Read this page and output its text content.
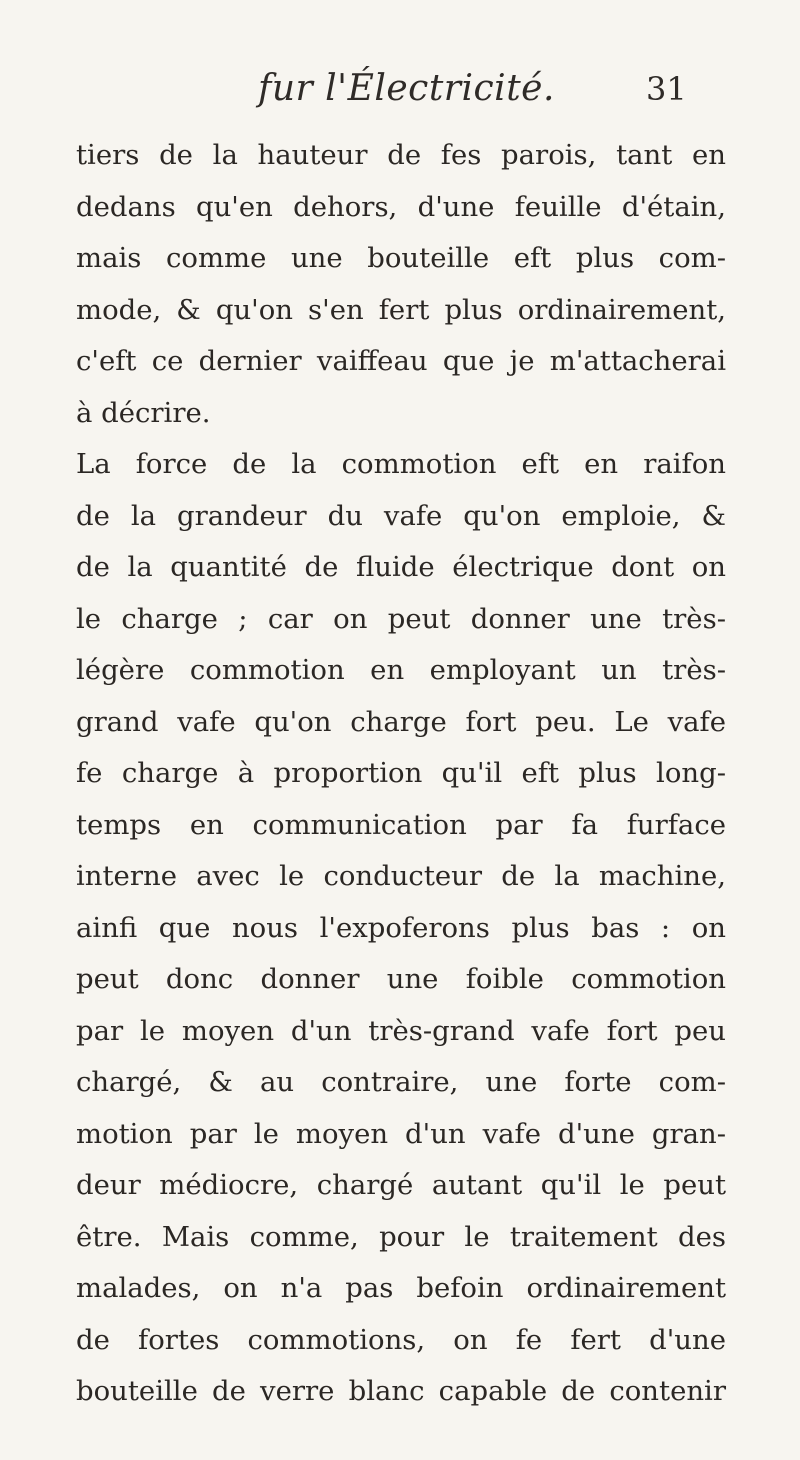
fur l'Électricité.	31
tiers de la hauteur de fes parois, tant en
dedans qu'en dehors, d'une feuille d'étain,
mais comme une bouteille eft plus com-
mode, & qu'on s'en fert plus ordinairement,
c'eft ce dernier vaiffeau que je m'attacherai
à décrire.
La force de la commotion eft en raifon
de la grandeur du vafe qu'on emploie, &
de la quantité de fluide électrique dont on
le charge ; car on peut donner une très-
légère commotion en employant un très-
grand vafe qu'on charge fort peu. Le vafe
fe charge à proportion qu'il eft plus long-
temps en communication par fa furface
interne avec le conducteur de la machine,
ainfi que nous l'expoferons plus bas : on
peut donc donner une foible commotion
par le moyen d'un très-grand vafe fort peu
chargé, & au contraire, une forte com-
motion par le moyen d'un vafe d'une gran-
deur médiocre, chargé autant qu'il le peut
être. Mais comme, pour le traitement des
malades, on n'a pas befoin ordinairement
de fortes commotions, on fe fert d'une
bouteille de verre blanc capable de contenir
